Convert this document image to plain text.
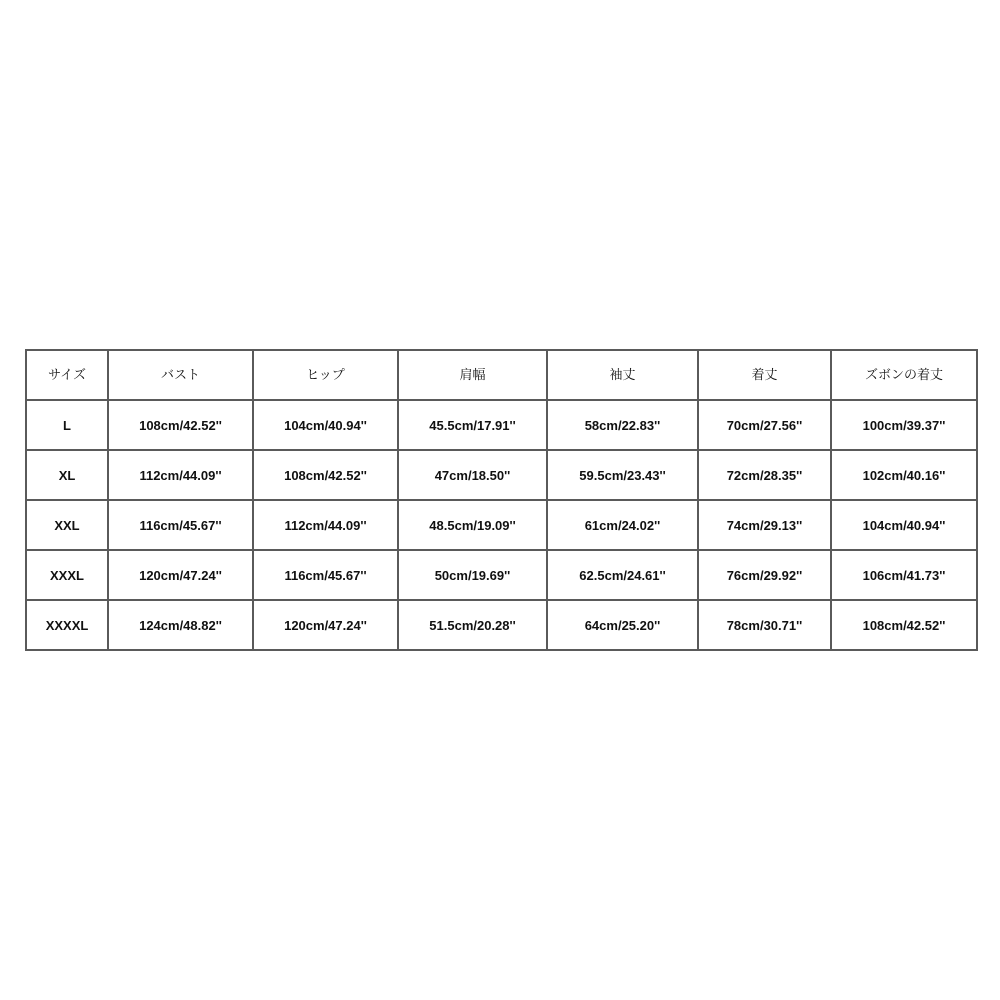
サイズ	バスト	ヒップ	肩幅	袖丈	着丈	ズボンの着丈
L	108cm/42.52''	104cm/40.94''	45.5cm/17.91''	58cm/22.83''	70cm/27.56''	100cm/39.37''
XL	112cm/44.09''	108cm/42.52''	47cm/18.50''	59.5cm/23.43''	72cm/28.35''	102cm/40.16''
XXL	116cm/45.67''	112cm/44.09''	48.5cm/19.09''	61cm/24.02''	74cm/29.13''	104cm/40.94''
XXXL	120cm/47.24''	116cm/45.67''	50cm/19.69''	62.5cm/24.61''	76cm/29.92''	106cm/41.73''
XXXXL	124cm/48.82''	120cm/47.24''	51.5cm/20.28''	64cm/25.20''	78cm/30.71''	108cm/42.52''
